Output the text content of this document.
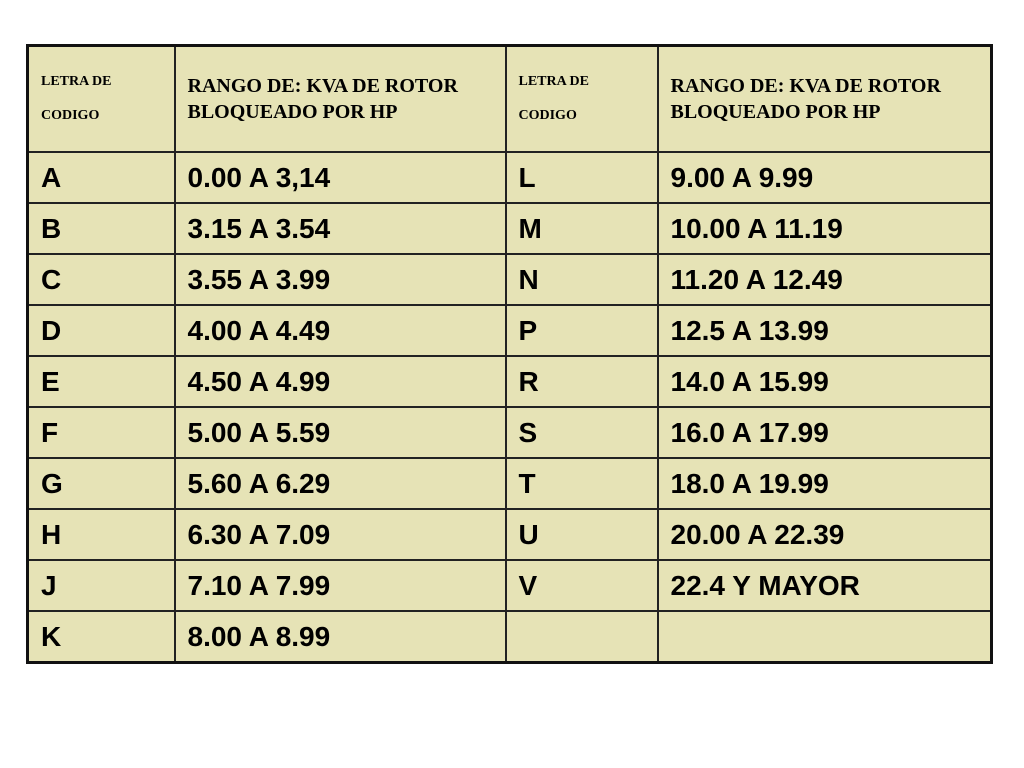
LETRA DE
CODIGO	RANGO DE: KVA DE ROTOR BLOQUEADO POR HP	LETRA DE
CODIGO	RANGO DE: KVA DE ROTOR BLOQUEADO POR HP
A	0.00 A 3,14	L	9.00 A 9.99
B	3.15 A 3.54	M	10.00 A 11.19
C	3.55 A 3.99	N	11.20 A 12.49
D	4.00 A 4.49	P	12.5 A 13.99
E	4.50 A 4.99	R	14.0 A 15.99
F	5.00 A 5.59	S	16.0 A 17.99
G	5.60 A 6.29	T	18.0 A 19.99
H	6.30 A 7.09	U	20.00 A 22.39
J	7.10 A 7.99	V	22.4 Y MAYOR
K	8.00 A 8.99		
